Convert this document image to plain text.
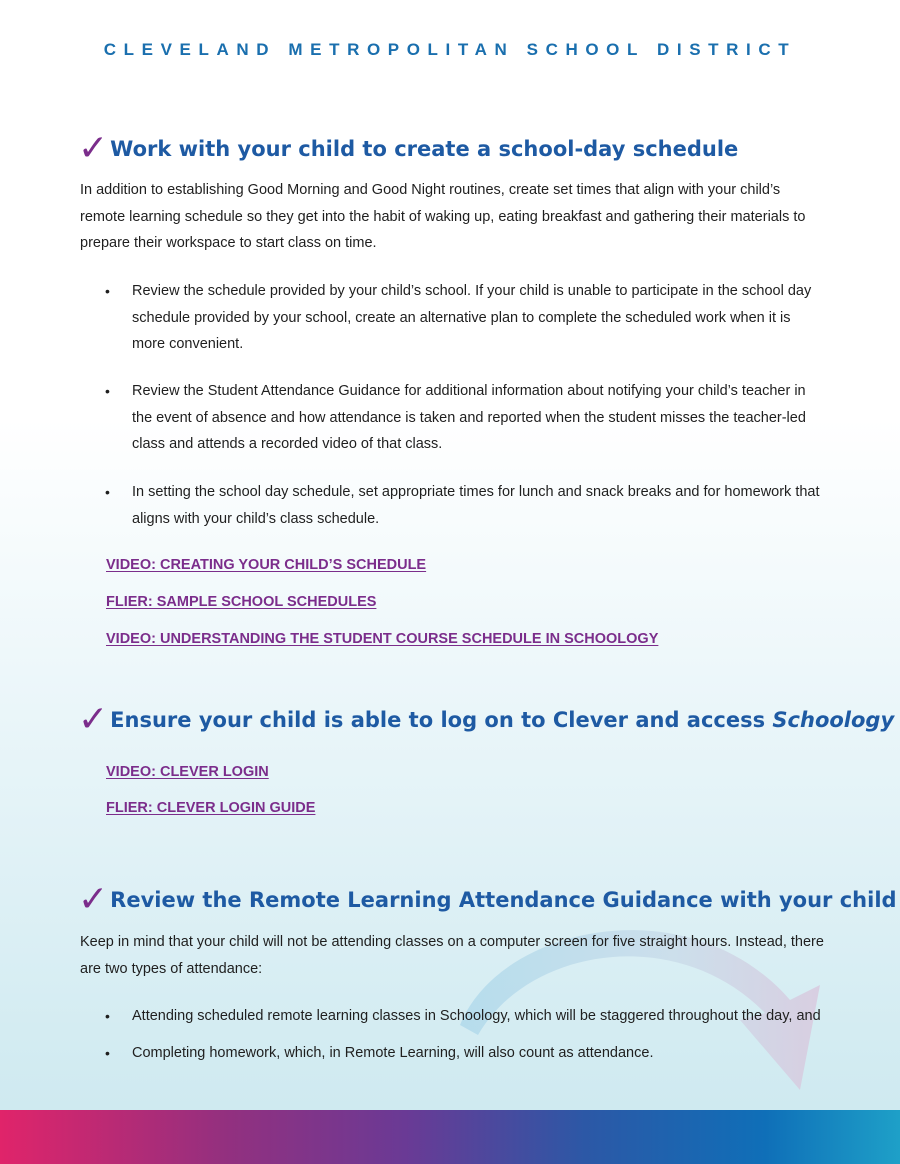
CLEVELAND METROPOLITAN SCHOOL DISTRICT
✓Work with your child to create a school-day schedule

In addition to establishing Good Morning and Good Night routines, create set times that align with your child’s remote learning schedule so they get into the habit of waking up, eating breakfast and gathering their materials to prepare their workspace to start class on time.

• Review the schedule provided by your child’s school. If your child is unable to participate in the school day schedule provided by your school, create an alternative plan to complete the scheduled work when it is more convenient.
• Review the Student Attendance Guidance for additional information about notifying your child’s teacher in the event of absence and how attendance is taken and reported when the student misses the teacher-led class and attends a recorded video of that class.
• In setting the school day schedule, set appropriate times for lunch and snack breaks and for homework that aligns with your child’s class schedule.
VIDEO: CREATING YOUR CHILD’S SCHEDULE
FLIER: SAMPLE SCHOOL SCHEDULES
VIDEO: UNDERSTANDING THE STUDENT COURSE SCHEDULE IN SCHOOLOGY
✓Ensure your child is able to log on to Clever and access Schoology
VIDEO: CLEVER LOGIN
FLIER: CLEVER LOGIN GUIDE
✓Review the Remote Learning Attendance Guidance with your child

Keep in mind that your child will not be attending classes on a computer screen for five straight hours. Instead, there are two types of attendance:

• Attending scheduled remote learning classes in Schoology, which will be staggered throughout the day, and
• Completing homework, which, in Remote Learning, will also count as attendance.
